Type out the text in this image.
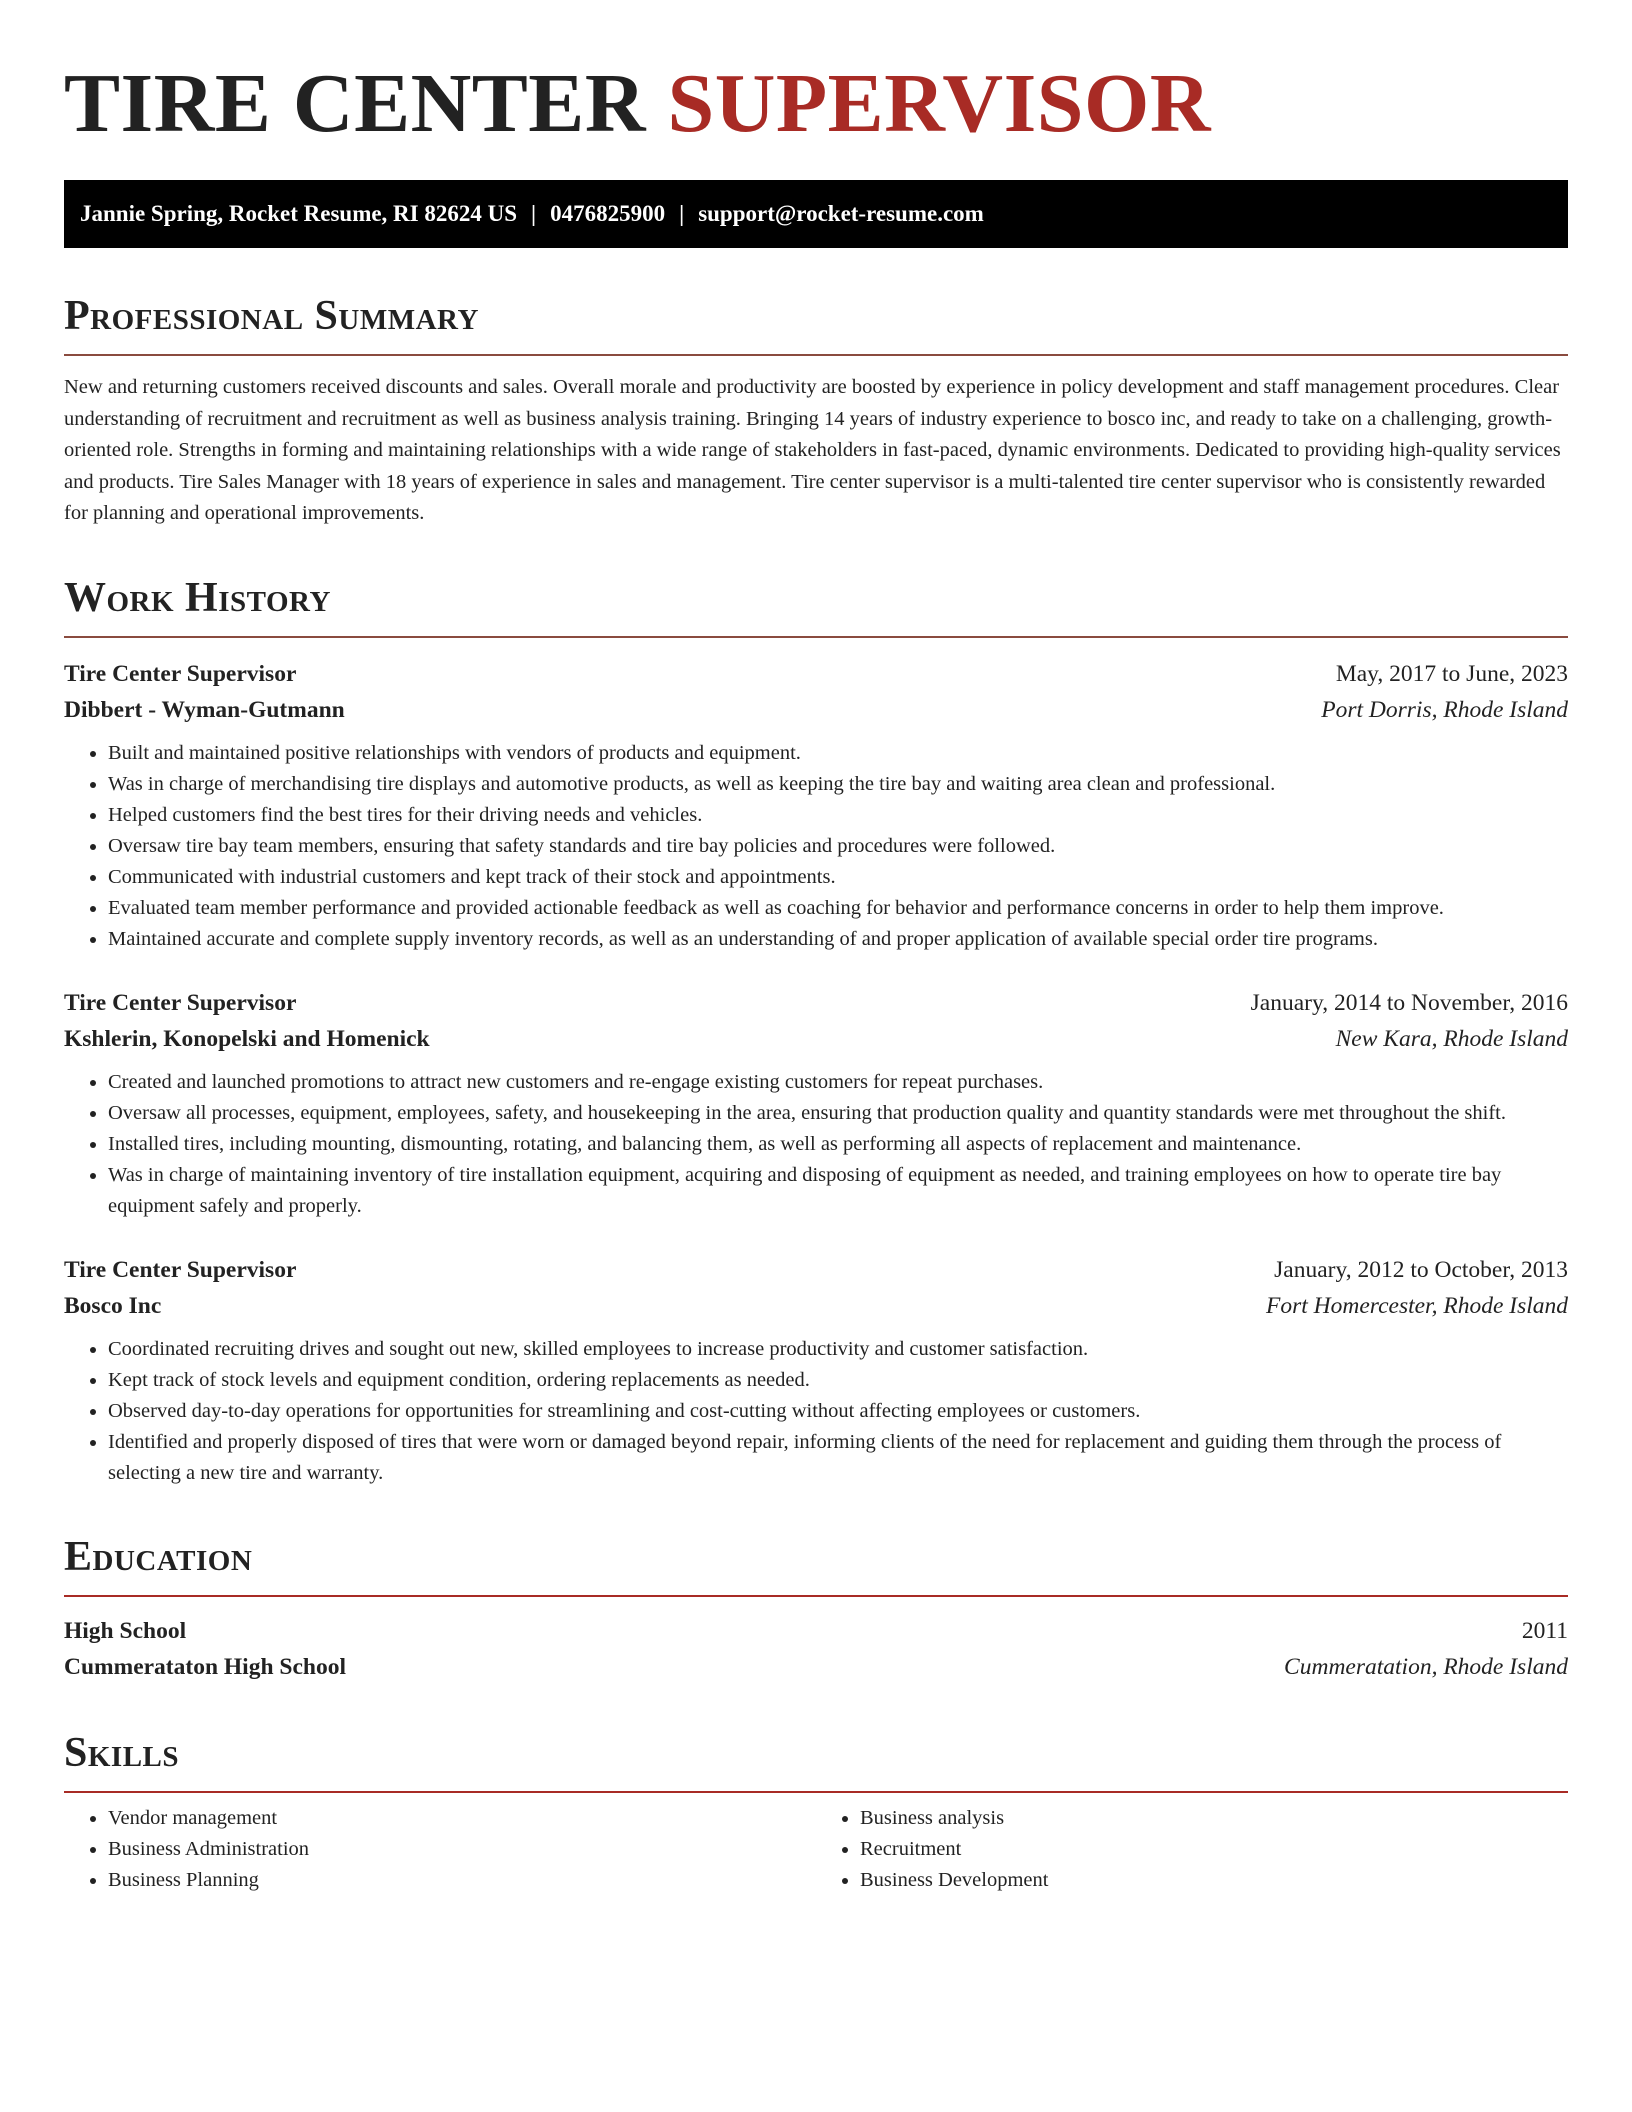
TIRE CENTER SUPERVISOR
Jannie Spring, Rocket Resume, RI 82624 US | 0476825900 | support@rocket-resume.com
Professional Summary

New and returning customers received discounts and sales. Overall morale and productivity are boosted by experience in policy development and staff management procedures. Clear understanding of recruitment and recruitment as well as business analysis training. Bringing 14 years of industry experience to bosco inc, and ready to take on a challenging, growth-oriented role. Strengths in forming and maintaining relationships with a wide range of stakeholders in fast-paced, dynamic environments. Dedicated to providing high-quality services and products. Tire Sales Manager with 18 years of experience in sales and management. Tire center supervisor is a multi-talented tire center supervisor who is consistently rewarded for planning and operational improvements.

Work History
Tire Center Supervisor	May, 2017 to June, 2023
Dibbert - Wyman-Gutmann	Port Dorris, Rhode Island
• Built and maintained positive relationships with vendors of products and equipment.
• Was in charge of merchandising tire displays and automotive products, as well as keeping the tire bay and waiting area clean and professional.
• Helped customers find the best tires for their driving needs and vehicles.
• Oversaw tire bay team members, ensuring that safety standards and tire bay policies and procedures were followed.
• Communicated with industrial customers and kept track of their stock and appointments.
• Evaluated team member performance and provided actionable feedback as well as coaching for behavior and performance concerns in order to help them improve.
• Maintained accurate and complete supply inventory records, as well as an understanding of and proper application of available special order tire programs.
Tire Center Supervisor	January, 2014 to November, 2016
Kshlerin, Konopelski and Homenick	New Kara, Rhode Island
• Created and launched promotions to attract new customers and re-engage existing customers for repeat purchases.
• Oversaw all processes, equipment, employees, safety, and housekeeping in the area, ensuring that production quality and quantity standards were met throughout the shift.
• Installed tires, including mounting, dismounting, rotating, and balancing them, as well as performing all aspects of replacement and maintenance.
• Was in charge of maintaining inventory of tire installation equipment, acquiring and disposing of equipment as needed, and training employees on how to operate tire bay equipment safely and properly.
Tire Center Supervisor	January, 2012 to October, 2013
Bosco Inc	Fort Homercester, Rhode Island
• Coordinated recruiting drives and sought out new, skilled employees to increase productivity and customer satisfaction.
• Kept track of stock levels and equipment condition, ordering replacements as needed.
• Observed day-to-day operations for opportunities for streamlining and cost-cutting without affecting employees or customers.
• Identified and properly disposed of tires that were worn or damaged beyond repair, informing clients of the need for replacement and guiding them through the process of selecting a new tire and warranty.
Education
High School	2011
Cummerataton High School	Cummeratation, Rhode Island
Skills
• Vendor management
• Business Administration
• Business Planning
• Business analysis
• Recruitment
• Business Development
